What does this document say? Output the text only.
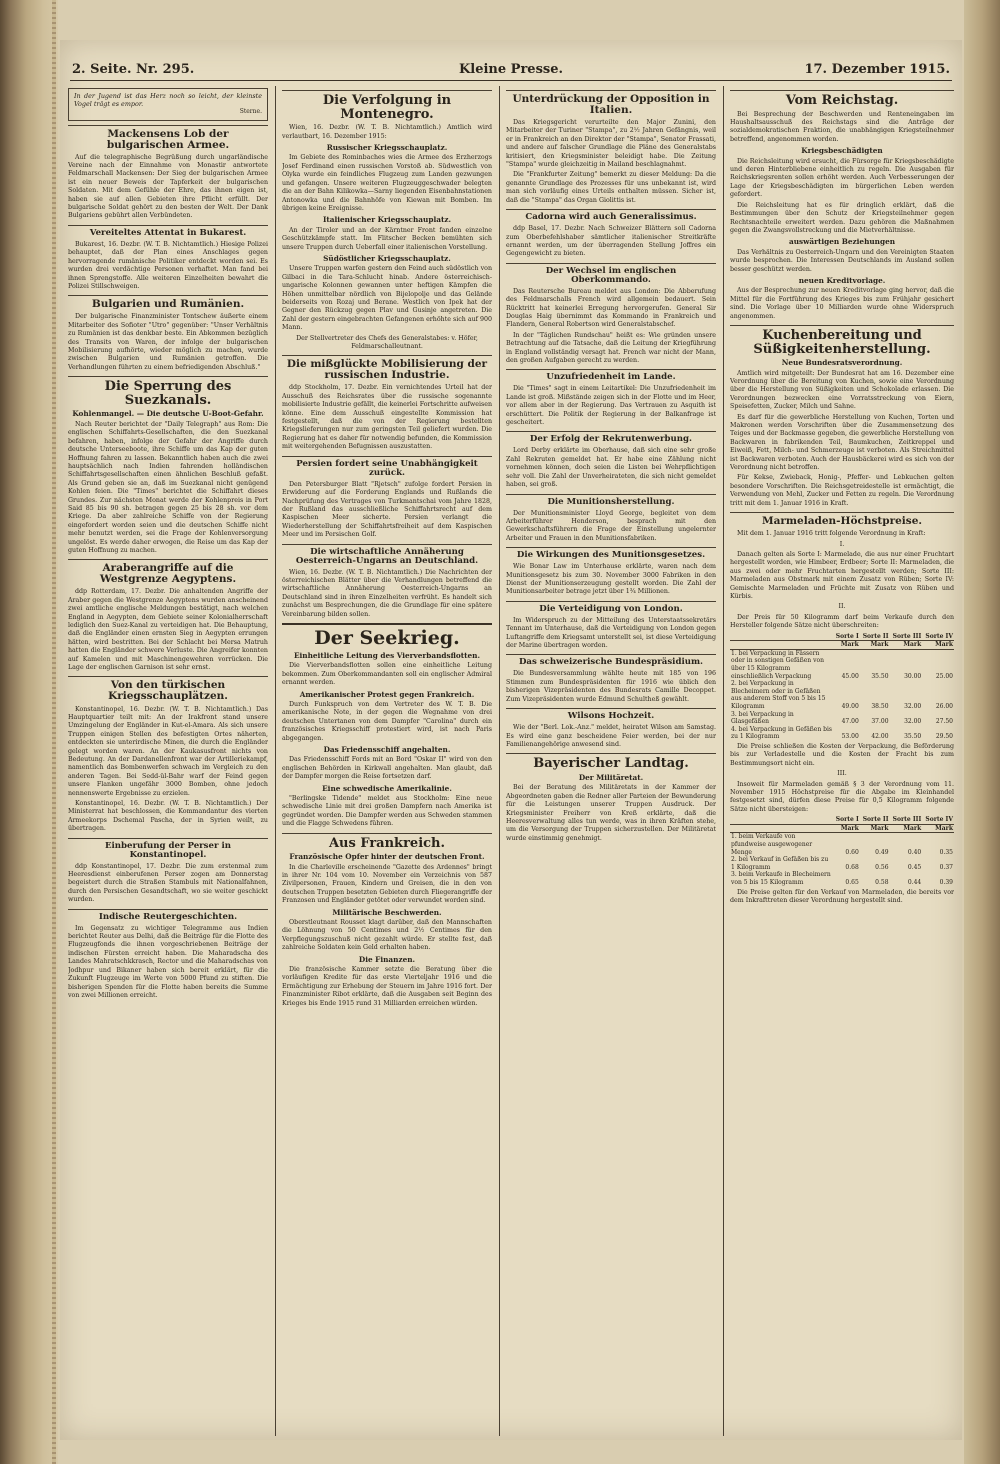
2. Seite. Nr. 295.	Kleine Presse.	17. Dezember 1915.
In der Jugend ist das Herz noch so leicht, der kleinste Vogel trägt es empor.
Sterne.
Mackensens Lob der bulgarischen Armee.

Auf die telegraphische Begrüßung durch ungarländische Vereine nach der Einnahme von Monastir antwortete Feldmarschall Mackensen: Der Sieg der bulgarischen Armee ist ein neuer Beweis der Tapferkeit der bulgarischen Soldaten. Mit dem Gefühle der Ehre, das ihnen eigen ist, haben sie auf allen Gebieten ihre Pflicht erfüllt. Der bulgarische Soldat gehört zu den besten der Welt. Der Dank Bulgariens gebührt allen Verbündeten.

Vereiteltes Attentat in Bukarest.

Bukarest, 16. Dezbr. (W. T. B. Nichtamtlich.) Hiesige Polizei behauptet, daß der Plan eines Anschlages gegen hervorragende rumänische Politiker entdeckt worden sei. Es wurden drei verdächtige Personen verhaftet. Man fand bei ihnen Sprengstoffe. Alle weiteren Einzelheiten bewahrt die Polizei Stillschweigen.

Bulgarien und Rumänien.

Der bulgarische Finanzminister Tontschew äußerte einem Mitarbeiter des Sofioter "Utro" gegenüber: "Unser Verhältnis zu Rumänien ist das denkbar beste. Ein Abkommen bezüglich des Transits von Waren, der infolge der bulgarischen Mobilisierung aufhörte, wieder möglich zu machen, wurde zwischen Bulgarien und Rumänien getroffen. Die Verhandlungen führten zu einem befriedigenden Abschluß."

Die Sperrung des Suezkanals.
Kohlenmangel. — Die deutsche U-Boot-Gefahr.

Nach Reuter berichtet der "Daily Telegraph" aus Rom: Die englischen Schiffahrts-Gesellschaften, die den Suezkanal befahren, haben, infolge der Gefahr der Angriffe durch deutsche Unterseeboote, ihre Schiffe um das Kap der guten Hoffnung fahren zu lassen. Bekanntlich haben auch die zwei hauptsächlich nach Indien fahrenden holländischen Schiffahrtsgesellschaften einen ähnlichen Beschluß gefaßt. Als Grund geben sie an, daß im Suezkanal nicht genügend Kohlen feien. Die "Times" berichtet die Schiffahrt dieses Grundes. Zur nächsten Monat werde der Kohlenpreis in Port Said 85 bis 90 sh. betragen gegen 25 bis 28 sh. vor dem Kriege. Da aber zahlreiche Schiffe von der Regierung eingefordert worden seien und die deutschen Schiffe nicht mehr benutzt werden, sei die Frage der Kohlenversorgung ungelöst. Es werde daher erwogen, die Reise um das Kap der guten Hoffnung zu machen.

Araberangriffe auf die Westgrenze Aegyptens.

ddp Rotterdam, 17. Dezbr. Die anhaltenden Angriffe der Araber gegen die Westgrenze Aegyptens wurden anscheinend zwei amtliche englische Meldungen bestätigt, nach welchen England in Aegypten, dem Gebiete seiner Kolonialherrschaft lediglich den Suez-Kanal zu verteidigen hat. Die Behauptung, daß die Engländer einen ernsten Sieg in Aegypten errungen hätten, wird bestritten. Bei der Schlacht bei Mersa Matruh hatten die Engländer schwere Verluste. Die Angreifer konnten auf Kamelen und mit Maschinengewehren vorrücken. Die Lage der englischen Garnison ist sehr ernst.

Von den türkischen Kriegsschauplätzen.

Konstantinopel, 16. Dezbr. (W. T. B. Nichtamtlich.) Das Hauptquartier teilt mit: An der Irakfront stand unsere Umzingelung der Engländer in Kut-el-Amara. Als sich unsere Truppen einigen Stellen des befestigten Ortes näherten, entdeckten sie unterirdische Minen, die durch die Engländer gelegt worden waren. An der Kaukasusfront nichts von Bedeutung. An der Dardanellenfront war der Artilleriekampf, namentlich das Bombenwerfen schwach im Vergleich zu den anderen Tagen. Bei Sedd-ül-Bahr warf der Feind gegen unsere Flanken ungefähr 3000 Bomben, ohne jedoch nennenswerte Ergebnisse zu erzielen.

Konstantinopel, 16. Dezbr. (W. T. B. Nichtamtlich.) Der Ministerrat hat beschlossen, die Kommandantur des vierten Armeekorps Dschemal Pascha, der in Syrien weilt, zu übertragen.

Einberufung der Perser in Konstantinopel.

ddp Konstantinopel, 17. Dezbr. Die zum erstenmal zum Heeresdienst einberufenen Perser zogen am Donnerstag begeistert durch die Straßen Stambuls mit Nationalfahnen, durch den Persischen Gesandtschaft, wo sie weiter geschickt wurden.

Indische Reutergeschichten.

Im Gegensatz zu wichtiger Telegramme aus Indien berichtet Reuter aus Delhi, daß die Beiträge für die Flotte des Flugzeugfonds die ihnen vorgeschriebenen Beiträge der indischen Fürsten erreicht haben. Die Maharadscha des Landes Mahratschkkrasch, Rector und die Maharadschas von Jodhpur und Bikaner haben sich bereit erklärt, für die Zukunft Flugzeuge im Werte von 5000 Pfund zu stiften. Die bisherigen Spenden für die Flotte haben bereits die Summe von zwei Millionen erreicht.

Die Verfolgung in Montenegro.

Wien, 16. Dezbr. (W. T. B. Nichtamtlich.) Amtlich wird verlautbart, 16. Dezember 1915:

Russischer Kriegsschauplatz.

Im Gebiete des Rominbaches wies die Armee des Erzherzogs Josef Ferdinand einen russischen Vorstoß ab. Südwestlich von Olyka wurde ein feindliches Flugzeug zum Landen gezwungen und gefangen. Unsere weiteren Flugzeuggeschwader belegten die an der Bahn Kilikowka—Sarny liegenden Eisenbahnstationen Antonowka und die Bahnhöfe von Kiewan mit Bomben. Im übrigen keine Ereignisse.

Italienischer Kriegsschauplatz.

An der Tiroler und an der Kärntner Front fanden einzelne Geschützkämpfe statt. Im Flitscher Becken bemühten sich unsere Truppen durch Ueberfall einer italienischen Vorstellung.

Südöstlicher Kriegsschauplatz.

Unsere Truppen warfen gestern den Feind auch südöstlich von Gilbaci in die Tara-Schlucht hinab. Andere österreichisch-ungarische Kolonnen gewannen unter heftigen Kämpfen die Höhen unmittelbar nördlich von Bijelopolje und das Gelände beiderseits von Rozaj und Berane. Westlich von Ipek hat der Gegner den Rückzug gegen Plav und Gusinje angetreten. Die Zahl der gestern eingebrachten Gefangenen erhöhte sich auf 900 Mann.

Der Stellvertreter des Chefs des Generalstabes: v. Höfer, Feldmarschalleutnant.

Die mißglückte Mobilisierung der russischen Industrie.

ddp Stockholm, 17. Dezbr. Ein vernichtendes Urteil hat der Ausschuß des Reichsrates über die russische sogenannte mobilisierte Industrie gefällt, die keinerlei Fortschritte aufweisen könne. Eine dem Ausschuß eingestellte Kommission hat festgestellt, daß die von der Regierung bestellten Kriegslieferungen nur zum geringsten Teil geliefert wurden. Die Regierung hat es daher für notwendig befunden, die Kommission mit weitergehenden Befugnissen auszustatten.

Persien fordert seine Unabhängigkeit zurück.

Den Petersburger Blatt "Rjetsch" zufolge fordert Persien in Erwiderung auf die Forderung Englands und Rußlands die Nachprüfung des Vertrages von Turkmantschai vom Jahre 1828, der Rußland das ausschließliche Schiffahrtsrecht auf dem Kaspischen Meer sicherte. Persien verlangt die Wiederherstellung der Schiffahrtsfreiheit auf dem Kaspischen Meer und im Persischen Golf.

Die wirtschaftliche Annäherung Oesterreich-Ungarns an Deutschland.

Wien, 16. Dezbr. (W. T. B. Nichtamtlich.) Die Nachrichten der österreichischen Blätter über die Verhandlungen betreffend die wirtschaftliche Annäherung Oesterreich-Ungarns an Deutschland sind in ihren Einzelheiten verfrüht. Es handelt sich zunächst um Besprechungen, die die Grundlage für eine spätere Vereinbarung bilden sollen.

Der Seekrieg.
Einheitliche Leitung des Vierverbandsflotten.

Die Vierverbandsflotten sollen eine einheitliche Leitung bekommen. Zum Oberkommandanten soll ein englischer Admiral ernannt werden.

Amerikanischer Protest gegen Frankreich.

Durch Funkspruch von dem Vertreter des W. T. B. Die amerikanische Note, in der gegen die Wegnahme von drei deutschen Untertanen von dem Dampfer "Carolina" durch ein französisches Kriegsschiff protestiert wird, ist nach Paris abgegangen.

Das Friedensschiff angehalten.

Das Friedensschiff Fords mit an Bord "Oskar II" wird von den englischen Behörden in Kirkwall angehalten. Man glaubt, daß der Dampfer morgen die Reise fortsetzen darf.

Eine schwedische Amerikalinie.

"Berlingske Tidende" meldet aus Stockholm: Eine neue schwedische Linie mit drei großen Dampfern nach Amerika ist gegründet worden. Die Dampfer werden aus Schweden stammen und die Flagge Schwedens führen.

Aus Frankreich.
Französische Opfer hinter der deutschen Front.

In die Charleville erscheinende "Gazette des Ardennes" bringt in ihrer Nr. 104 vom 10. November ein Verzeichnis von 587 Zivilpersonen, Frauen, Kindern und Greisen, die in den von deutschen Truppen besetzten Gebieten durch Fliegerangriffe der Franzosen und Engländer getötet oder verwundet worden sind.

Militärische Beschwerden.

Oberstleutnant Rousset klagt darüber, daß den Mannschaften die Löhnung von 50 Centimes und 2½ Centimes für den Verpflegungszuschuß nicht gezahlt würde. Er stellte fest, daß zahlreiche Soldaten kein Geld erhalten haben.

Die Finanzen.

Die französische Kammer setzte die Beratung über die vorläufigen Kredite für das erste Vierteljahr 1916 und die Ermächtigung zur Erhebung der Steuern im Jahre 1916 fort. Der Finanzminister Ribot erklärte, daß die Ausgaben seit Beginn des Krieges bis Ende 1915 rund 31 Milliarden erreichen würden.

Unterdrückung der Opposition in Italien.

Das Kriegsgericht verurteilte den Major Zunini, den Mitarbeiter der Turiner "Stampa", zu 2½ Jahren Gefängnis, weil er in Frankreich an den Direktor der "Stampa", Senator Frassati, und andere auf falscher Grundlage die Pläne des Generalstabs kritisiert, den Kriegsminister beleidigt habe. Die Zeitung "Stampa" wurde gleichzeitig in Mailand beschlagnahmt.

Die "Frankfurter Zeitung" bemerkt zu dieser Meldung: Da die genannte Grundlage des Prozesses für uns unbekannt ist, wird man sich vorläufig eines Urteils enthalten müssen. Sicher ist, daß die "Stampa" das Organ Giolittis ist.

Cadorna wird auch Generalissimus.

ddp Basel, 17. Dezbr. Nach Schweizer Blättern soll Cadorna zum Oberbefehlshaber sämtlicher italienischer Streitkräfte ernannt werden, um der überragenden Stellung Joffres ein Gegengewicht zu bieten.

Der Wechsel im englischen Oberkommando.

Das Reutersche Bureau meldet aus London: Die Abberufung des Feldmarschalls French wird allgemein bedauert. Sein Rücktritt hat keinerlei Erregung hervorgerufen. General Sir Douglas Haig übernimmt das Kommando in Frankreich und Flandern, General Robertson wird Generalstabschef.

In der "Täglichen Rundschau" heißt es: Wie gründen unsere Betrachtung auf die Tatsache, daß die Leitung der Kriegführung in England vollständig versagt hat. French war nicht der Mann, den großen Aufgaben gerecht zu werden.

Unzufriedenheit im Lande.

Die "Times" sagt in einem Leitartikel: Die Unzufriedenheit im Lande ist groß. Mißstände zeigen sich in der Flotte und im Heer, vor allem aber in der Regierung. Das Vertrauen zu Asquith ist erschüttert. Die Politik der Regierung in der Balkanfrage ist gescheitert.

Der Erfolg der Rekrutenwerbung.

Lord Derby erklärte im Oberhause, daß sich eine sehr große Zahl Rekruten gemeldet hat. Er habe eine Zählung nicht vornehmen können, doch seien die Listen bei Wehrpflichtigen sehr voll. Die Zahl der Unverheirateten, die sich nicht gemeldet haben, sei groß.

Die Munitionsherstellung.

Der Munitionsminister Lloyd George, begleitet von dem Arbeiterführer Henderson, besprach mit den Gewerkschaftsführern die Frage der Einstellung ungelernter Arbeiter und Frauen in den Munitionsfabriken.

Die Wirkungen des Munitionsgesetzes.

Wie Bonar Law im Unterhause erklärte, waren nach dem Munitionsgesetz bis zum 30. November 3000 Fabriken in den Dienst der Munitionserzeugung gestellt worden. Die Zahl der Munitionsarbeiter betrage jetzt über 1¾ Millionen.

Die Verteidigung von London.

Im Widerspruch zu der Mitteilung des Unterstaatssekretärs Tennant im Unterhause, daß die Verteidigung von London gegen Luftangriffe dem Kriegsamt unterstellt sei, ist diese Verteidigung der Marine übertragen worden.

Das schweizerische Bundespräsidium.

Die Bundesversammlung wählte heute mit 185 von 196 Stimmen zum Bundespräsidenten für 1916 wie üblich den bisherigen Vizepräsidenten des Bundesrats Camille Decoppet. Zum Vizepräsidenten wurde Edmund Schultheß gewählt.

Wilsons Hochzeit.

Wie der "Berl. Lok.-Anz." meldet, heiratet Wilson am Samstag. Es wird eine ganz bescheidene Feier werden, bei der nur Familienangehörige anwesend sind.

Bayerischer Landtag.
Der Militäretat.

Bei der Beratung des Militäretats in der Kammer der Abgeordneten gaben die Redner aller Parteien der Bewunderung für die Leistungen unserer Truppen Ausdruck. Der Kriegsminister Freiherr von Kreß erklärte, daß die Heeresverwaltung alles tun werde, was in ihren Kräften stehe, um die Versorgung der Truppen sicherzustellen. Der Militäretat wurde einstimmig genehmigt.

Vom Reichstag.

Bei Besprechung der Beschwerden und Renteneingaben im Haushaltsausschuß des Reichstags sind die Anträge der sozialdemokratischen Fraktion, die unabhängigen Kriegsteilnehmer betreffend, angenommen worden.

Kriegsbeschädigten

Die Reichsleitung wird ersucht, die Fürsorge für Kriegsbeschädigte und deren Hinterbliebene einheitlich zu regeln. Die Ausgaben für Reichskriegsrenten sollen erhöht werden. Auch Verbesserungen der Lage der Kriegsbeschädigten im bürgerlichen Leben werden gefordert.

Die Reichsleitung hat es für dringlich erklärt, daß die Bestimmungen über den Schutz der Kriegsteilnehmer gegen Rechtsnachteile erweitert werden. Dazu gehören die Maßnahmen gegen die Zwangsvollstreckung und die Mietverhältnisse.

auswärtigen Beziehungen

Das Verhältnis zu Oesterreich-Ungarn und den Vereinigten Staaten wurde besprochen. Die Interessen Deutschlands im Ausland sollen besser geschützt werden.

neuen Kreditvorlage.

Aus der Besprechung zur neuen Kreditvorlage ging hervor, daß die Mittel für die Fortführung des Krieges bis zum Frühjahr gesichert sind. Die Vorlage über 10 Milliarden wurde ohne Widerspruch angenommen.

Kuchenbereitung und Süßigkeitenherstellung.
Neue Bundesratsverordnung.

Amtlich wird mitgeteilt: Der Bundesrat hat am 16. Dezember eine Verordnung über die Bereitung von Kuchen, sowie eine Verordnung über die Herstellung von Süßigkeiten und Schokolade erlassen. Die Verordnungen bezwecken eine Vorratsstreckung von Eiern, Speisefetten, Zucker, Milch und Sahne.

Es darf für die gewerbliche Herstellung von Kuchen, Torten und Makronen werden Vorschriften über die Zusammensetzung des Teiges und der Backmasse gegeben, die gewerbliche Herstellung von Backwaren in fabrikenden Teil, Baumkuchen, Zeitkreppel und Eiweiß, Fett, Milch- und Schmerzeuge ist verboten. Als Streichmittel ist Backwaren verboten. Auch der Hausbäckerei wird es sich von der Verordnung nicht betroffen.

Für Kekse, Zwieback, Honig-, Pfeffer- und Lebkuchen gelten besondere Vorschriften. Die Reichsgetreidestelle ist ermächtigt, die Verwendung von Mehl, Zucker und Fetten zu regeln. Die Verordnung tritt mit dem 1. Januar 1916 in Kraft.

Marmeladen-Höchstpreise.

Mit dem 1. Januar 1916 tritt folgende Verordnung in Kraft:

I.

Danach gelten als Sorte I: Marmelade, die aus nur einer Fruchtart hergestellt worden, wie Himbeer, Erdbeer; Sorte II: Marmeladen, die aus zwei oder mehr Fruchtarten hergestellt werden; Sorte III: Marmeladen aus Obstmark mit einem Zusatz von Rüben; Sorte IV: Gemischte Marmeladen und Früchte mit Zusatz von Rüben und Kürbis.

II.

Der Preis für 50 Kilogramm darf beim Verkaufe durch den Hersteller folgende Sätze nicht überschreiten:

	Sorte I	Sorte II	Sorte III	Sorte IV
	Mark	Mark	Mark	Mark
1. bei Verpackung in Fässern oder in sonstigen Gefäßen von über 15 Kilogramm einschließlich Verpackung	45.00	35.50	30.00	25.00
2. bei Verpackung in Blecheimern oder in Gefäßen aus anderem Stoff von 5 bis 15 Kilogramm	49.00	38.50	32.00	26.00
3. bei Verpackung in Glasgefäßen	47.00	37.00	32.00	27.50
4. bei Verpackung in Gefäßen bis zu 1 Kilogramm	53.00	42.00	35.50	29.50

Die Preise schließen die Kosten der Verpackung, die Beförderung bis zur Verladestelle und die Kosten der Fracht bis zum Bestimmungsort nicht ein.

III.

Insoweit für Marmeladen gemäß § 3 der Verordnung vom 11. November 1915 Höchstpreise für die Abgabe im Kleinhandel festgesetzt sind, dürfen diese Preise für 0,5 Kilogramm folgende Sätze nicht übersteigen:

	Sorte I	Sorte II	Sorte III	Sorte IV
	Mark	Mark	Mark	Mark
1. beim Verkaufe von pfundweise ausgewogener Menge	0.60	0.49	0.40	0.35
2. bei Verkauf in Gefäßen bis zu 1 Kilogramm	0.68	0.56	0.45	0.37
3. beim Verkaufe in Blecheimern von 5 bis 15 Kilogramm	0.65	0.58	0.44	0.39

Die Preise gelten für den Verkauf von Marmeladen, die bereits vor dem Inkrafttreten dieser Verordnung hergestellt sind.
